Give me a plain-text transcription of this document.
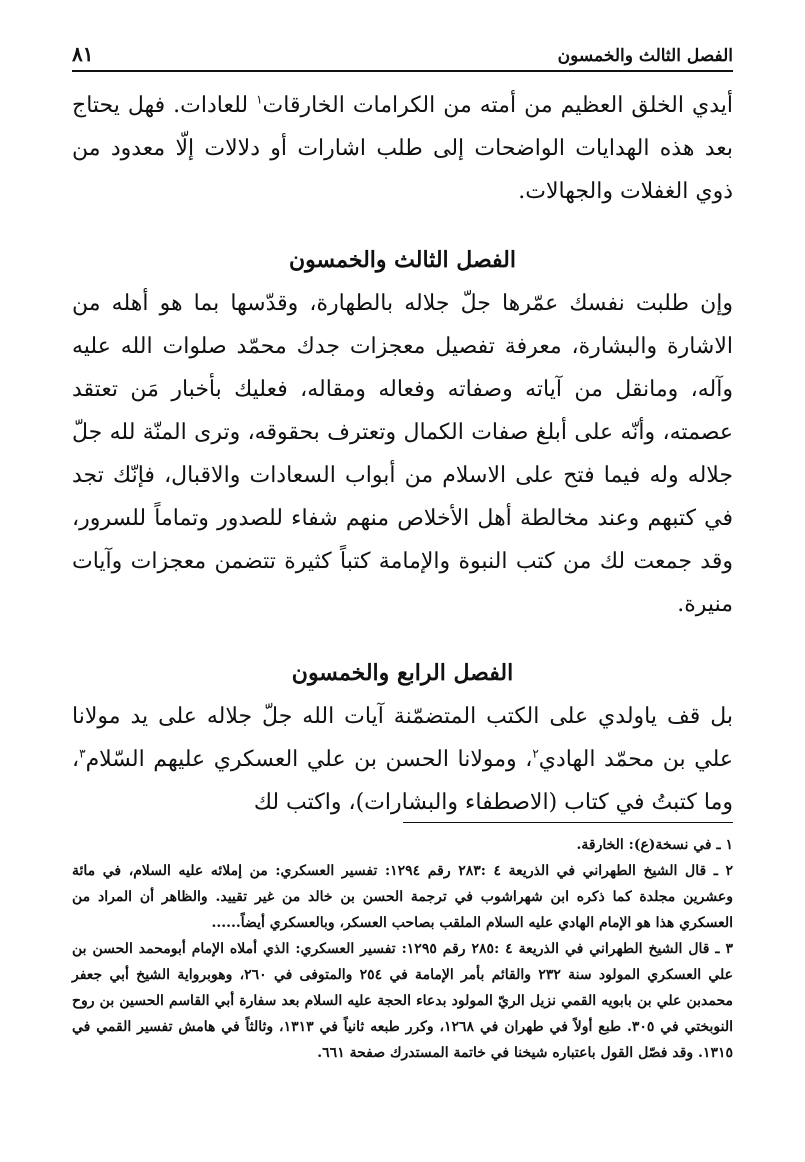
الفصل الثالث والخمسون
٨١

أيدي الخلق العظيم من أمته من الكرامات الخارقات$^١$ للعادات. فهل يحتاج بعد هذه الهدايات الواضحات إلى طلب اشارات أو دلالات إلّا معدود من ذوي الغفلات والجهالات.

الفصل الثالث والخمسون

وإن طلبت نفسك عمّرها جلّ جلاله بالطهارة، وقدّسها بما هو أهله من الاشارة والبشارة، معرفة تفصيل معجزات جدك محمّد صلوات الله عليه وآله، ومانقل من آياته وصفاته وفعاله ومقاله، فعليك بأخبار مَن تعتقد عصمته، وأنّه على أبلغ صفات الكمال وتعترف بحقوقه، وترى المنّة لله جلّ جلاله وله فيما فتح على الاسلام من أبواب السعادات والاقبال، فإنّك تجد في كتبهم وعند مخالطة أهل الأخلاص منهم شفاء للصدور وتماماً للسرور، وقد جمعت لك من كتب النبوة والإمامة كتباً كثيرة تتضمن معجزات وآيات منيرة.

الفصل الرابع والخمسون

بل قف ياولدي على الكتب المتضمّنة آيات الله جلّ جلاله على يد مولانا علي بن محمّد الهادي$^٢$، ومولانا الحسن بن علي العسكري عليهم السّلام$^٣$، وما كتبتُ في كتاب (الاصطفاء والبشارات)، واكتب لك

١ ـ في نسخة(ع): الخارقة.

٢ ـ قال الشيخ الطهراني في الذريعة ٤ :٢٨٣ رقم ١٢٩٤: تفسير العسكري: من إملائه عليه السلام، في مائة وعشرين مجلدة كما ذكره ابن شهراشوب في ترجمة الحسن بن خالد من غير تقييد. والظاهر أن المراد من العسكري هذا هو الإمام الهادي عليه السلام الملقب بصاحب العسكر، وبالعسكري أيضاً......

٣ ـ قال الشيخ الطهراني في الذريعة ٤ :٢٨٥ رقم ١٢٩٥: تفسير العسكري: الذي أملاه الإمام أبومحمد الحسن بن علي العسكري المولود سنة ٢٣٢ والقائم بأمر الإمامة في ٢٥٤ والمتوفى في ٢٦٠، وهوبرواية الشيخ أبي جعفر محمدبن علي بن بابويه القمي نزيل الريّ المولود بدعاء الحجة عليه السلام بعد سفارة أبي القاسم الحسين بن روح النوبختي في ٣٠٥. طبع أولاً في طهران في ١٢٦٨، وكرر طبعه ثانياً في ١٣١٣، وثالثاً في هامش تفسير القمي في ١٣١٥. وقد فصّل القول باعتباره شيخنا في خاتمة المستدرك صفحة ٦٦١.
